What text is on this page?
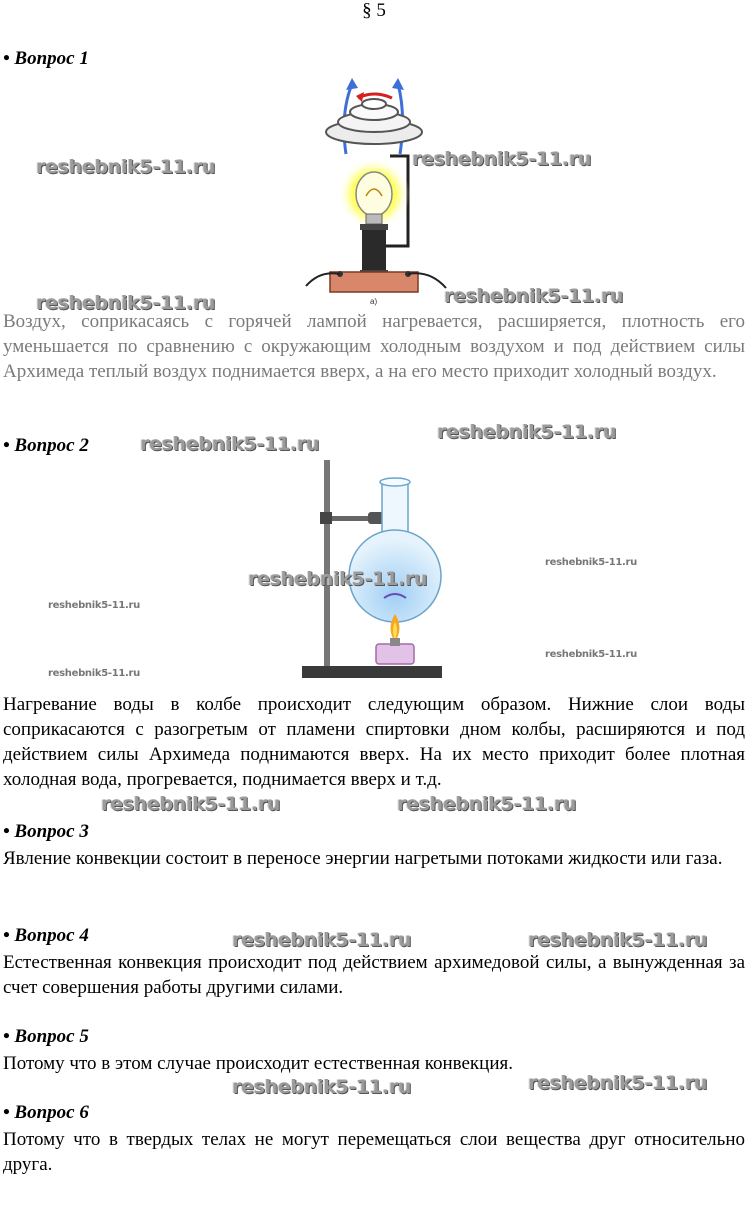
§ 5
• Вопрос 1
а)
Воздух, соприкасаясь с горячей лампой нагревается, расширяется, плотность его уменьшается по сравнению с окружающим холодным воздухом и под действием силы Архимеда теплый воздух поднимается вверх, а на его место приходит холодный воздух.
• Вопрос 2
Нагревание воды в колбе происходит следующим образом. Нижние слои воды соприкасаются с разогретым от пламени спиртовки дном колбы, расширяются и под действием силы Архимеда поднимаются вверх. На их место приходит более плотная холодная вода, прогревается, поднимается вверх и т.д.
• Вопрос 3
Явление конвекции состоит в переносе энергии нагретыми потоками жидкости или газа.
• Вопрос 4
Естественная конвекция происходит под действием архимедовой силы, а вынужденная за счет совершения работы другими силами.
• Вопрос 5
Потому что в этом случае происходит естественная конвекция.
• Вопрос 6
Потому что в твердых телах не могут перемещаться слои вещества друг относительно друга.
reshebnik5-11.ru	reshebnik5-11.ru
reshebnik5-11.ru	reshebnik5-11.ru
reshebnik5-11.ru
reshebnik5-11.ru
reshebnik5-11.ru
reshebnik5-11.ru
reshebnik5-11.ru
reshebnik5-11.ru
reshebnik5-11.ru
reshebnik5-11.ru	reshebnik5-11.ru
reshebnik5-11.ru	reshebnik5-11.ru
reshebnik5-11.ru	reshebnik5-11.ru
